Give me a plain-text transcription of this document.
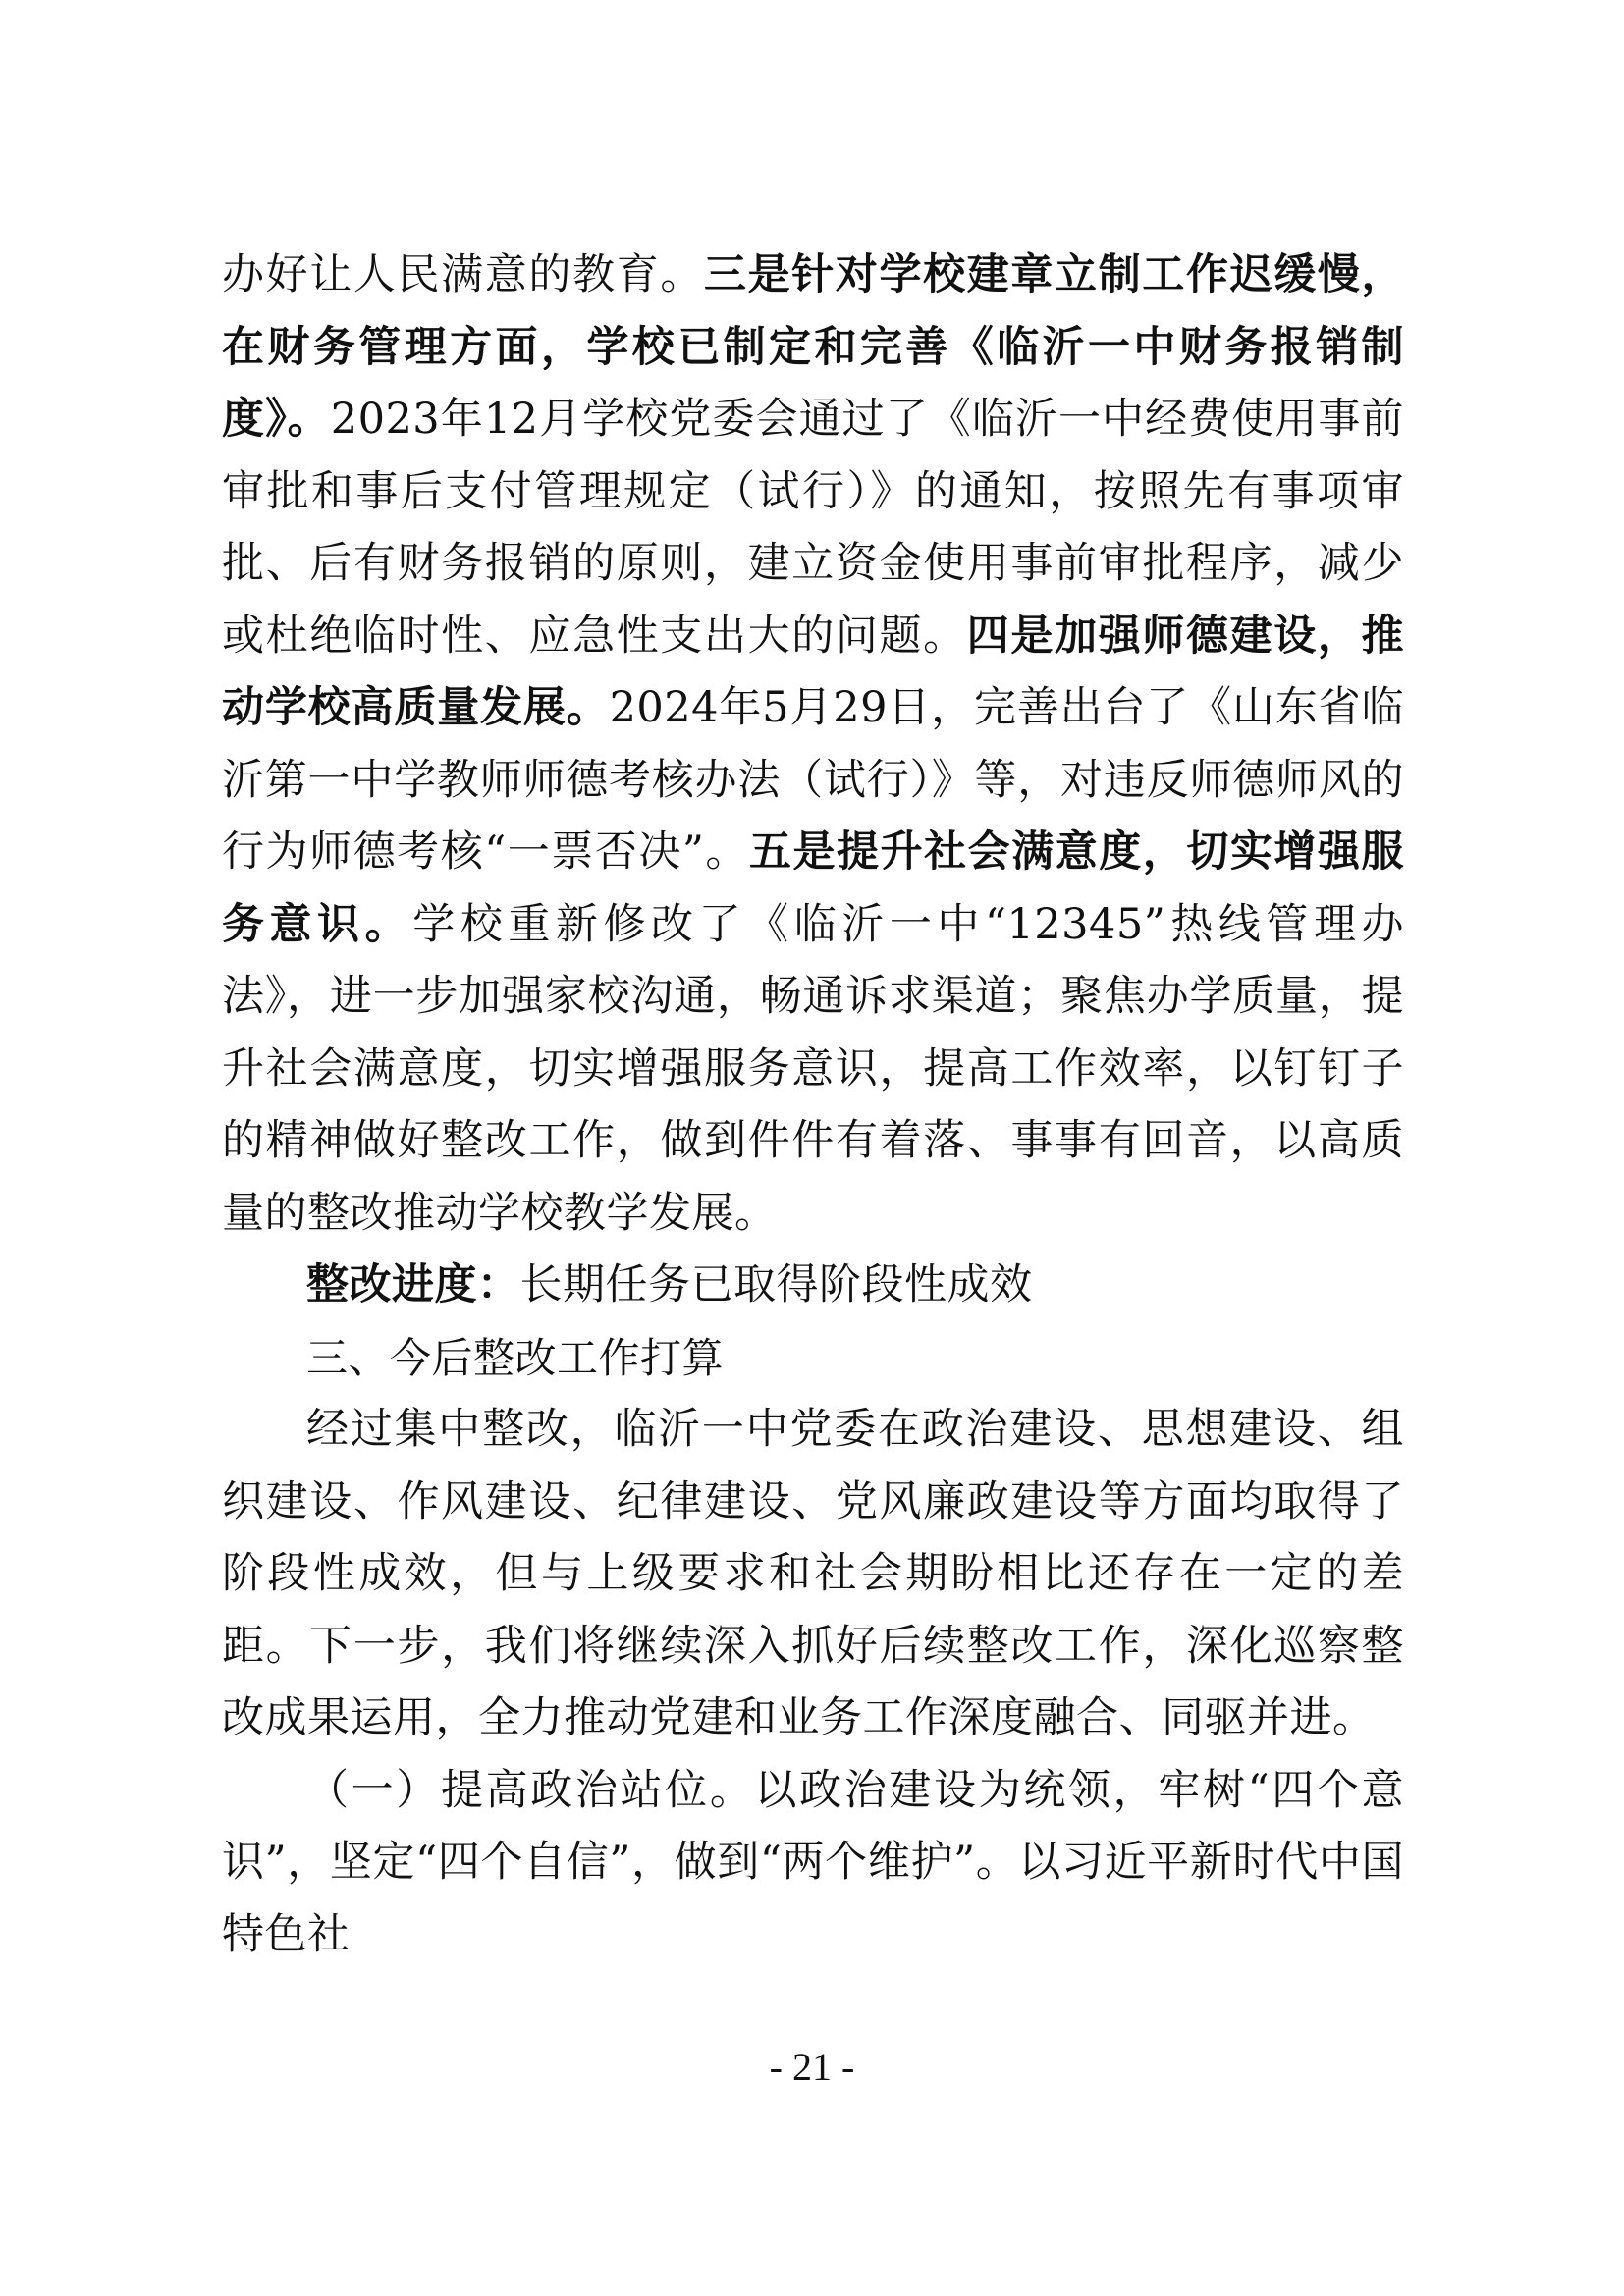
办好让人民满意的教育。三是针对学校建章立制工作迟缓慢，在财务管理方面，学校已制定和完善《临沂一中财务报销制度》。2023年12月学校党委会通过了《临沂一中经费使用事前审批和事后支付管理规定（试行）》的通知，按照先有事项审批、后有财务报销的原则，建立资金使用事前审批程序，减少或杜绝临时性、应急性支出大的问题。四是加强师德建设，推动学校高质量发展。2024年5月29日，完善出台了《山东省临沂第一中学教师师德考核办法（试行）》等，对违反师德师风的行为师德考核“一票否决”。五是提升社会满意度，切实增强服务意识。学校重新修改了《临沂一中“12345”热线管理办法》，进一步加强家校沟通，畅通诉求渠道；聚焦办学质量，提升社会满意度，切实增强服务意识，提高工作效率，以钉钉子的精神做好整改工作，做到件件有着落、事事有回音，以高质量的整改推动学校教学发展。

整改进度：长期任务已取得阶段性成效

三、今后整改工作打算

经过集中整改，临沂一中党委在政治建设、思想建设、组织建设、作风建设、纪律建设、党风廉政建设等方面均取得了阶段性成效，但与上级要求和社会期盼相比还存在一定的差距。下一步，我们将继续深入抓好后续整改工作，深化巡察整改成果运用，全力推动党建和业务工作深度融合、同驱并进。

（一）提高政治站位。以政治建设为统领，牢树“四个意识”，坚定“四个自信”，做到“两个维护”。以习近平新时代中国特色社

- 21 -
